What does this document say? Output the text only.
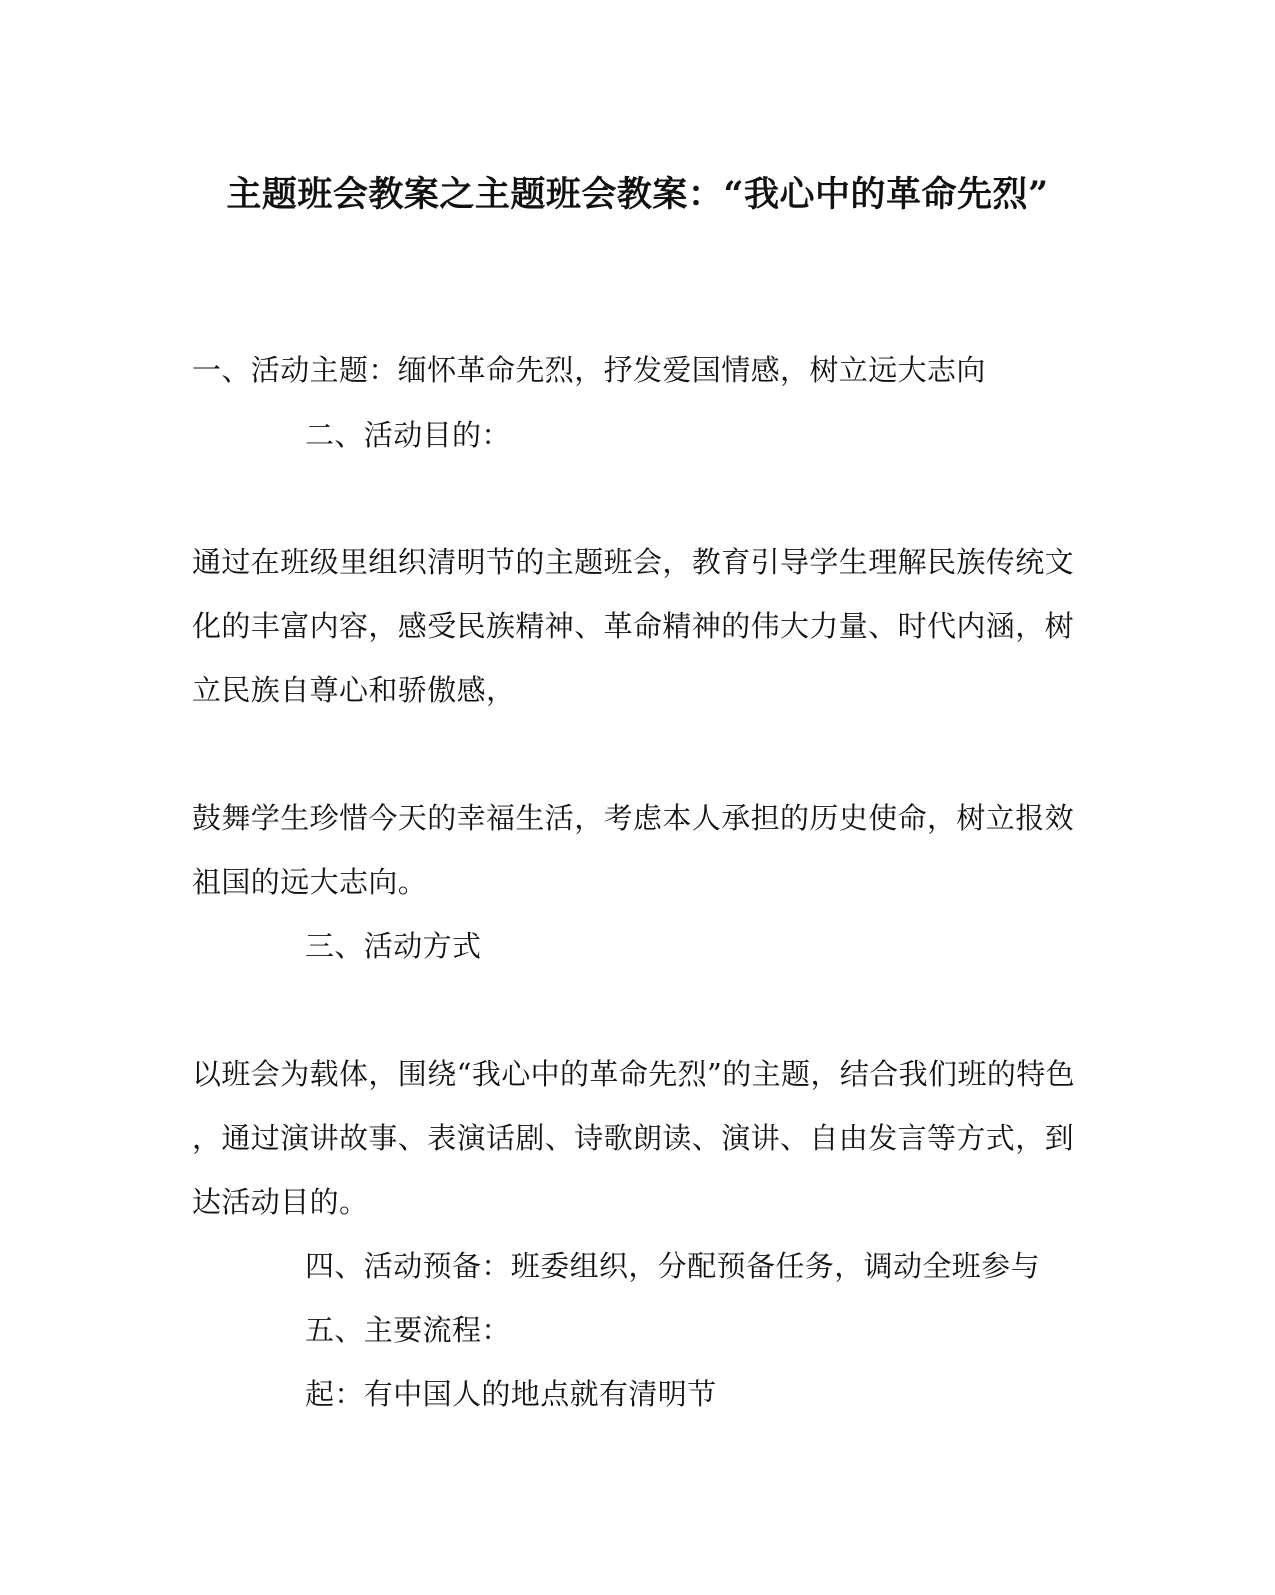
主题班会教案之主题班会教案：“我心中的革命先烈”
一、活动主题：缅怀革命先烈，抒发爱国情感，树立远大志向
二、活动目的：
通过在班级里组织清明节的主题班会，教育引导学生理解民族传统文
化的丰富内容，感受民族精神、革命精神的伟大力量、时代内涵，树
立民族自尊心和骄傲感，
鼓舞学生珍惜今天的幸福生活，考虑本人承担的历史使命，树立报效
祖国的远大志向。
三、活动方式
以班会为载体，围绕“我心中的革命先烈”的主题，结合我们班的特色
，通过演讲故事、表演话剧、诗歌朗读、演讲、自由发言等方式，到
达活动目的。
四、活动预备：班委组织，分配预备任务，调动全班参与
五、主要流程：
起：有中国人的地点就有清明节
